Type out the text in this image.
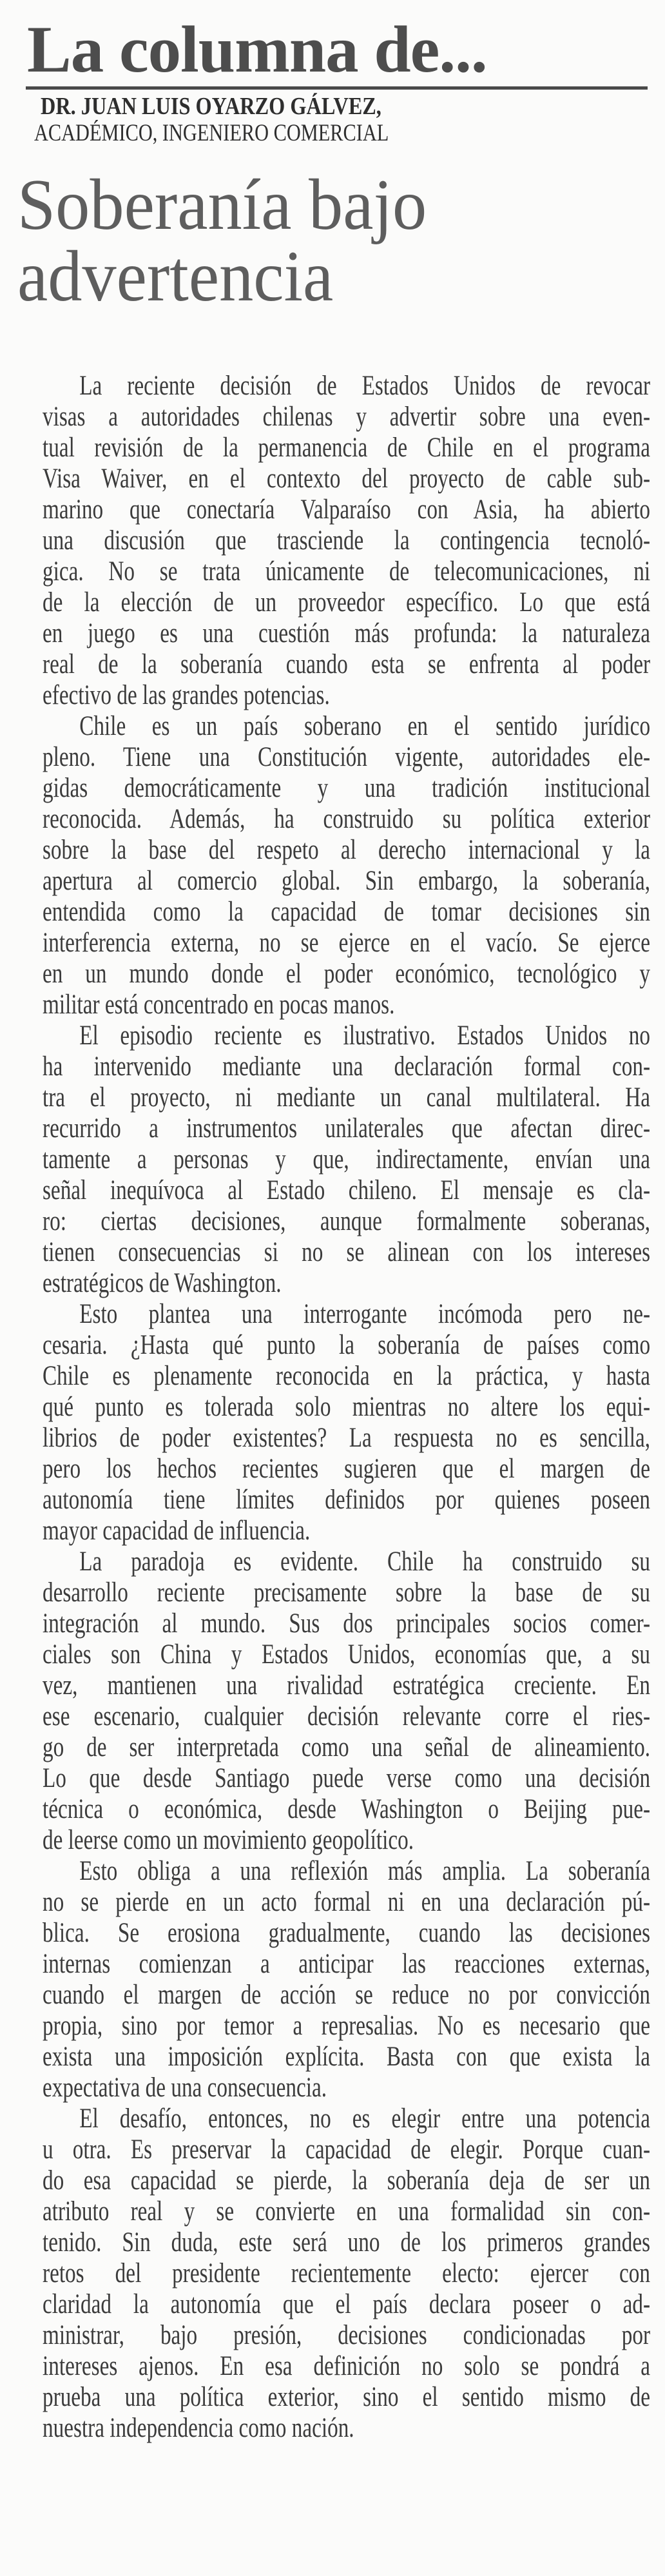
La columna de...
DR. JUAN LUIS OYARZO GÁLVEZ,
ACADÉMICO, INGENIERO COMERCIAL
Soberanía bajo
advertencia
La reciente decisión de Estados Unidos de revocar
visas a autoridades chilenas y advertir sobre una even-
tual revisión de la permanencia de Chile en el programa
Visa Waiver, en el contexto del proyecto de cable sub-
marino que conectaría Valparaíso con Asia, ha abierto
una discusión que trasciende la contingencia tecnoló-
gica. No se trata únicamente de telecomunicaciones, ni
de la elección de un proveedor específico. Lo que está
en juego es una cuestión más profunda: la naturaleza
real de la soberanía cuando esta se enfrenta al poder
efectivo de las grandes potencias.
Chile es un país soberano en el sentido jurídico
pleno. Tiene una Constitución vigente, autoridades ele-
gidas democráticamente y una tradición institucional
reconocida. Además, ha construido su política exterior
sobre la base del respeto al derecho internacional y la
apertura al comercio global. Sin embargo, la soberanía,
entendida como la capacidad de tomar decisiones sin
interferencia externa, no se ejerce en el vacío. Se ejerce
en un mundo donde el poder económico, tecnológico y
militar está concentrado en pocas manos.
El episodio reciente es ilustrativo. Estados Unidos no
ha intervenido mediante una declaración formal con-
tra el proyecto, ni mediante un canal multilateral. Ha
recurrido a instrumentos unilaterales que afectan direc-
tamente a personas y que, indirectamente, envían una
señal inequívoca al Estado chileno. El mensaje es cla-
ro: ciertas decisiones, aunque formalmente soberanas,
tienen consecuencias si no se alinean con los intereses
estratégicos de Washington.
Esto plantea una interrogante incómoda pero ne-
cesaria. ¿Hasta qué punto la soberanía de países como
Chile es plenamente reconocida en la práctica, y hasta
qué punto es tolerada solo mientras no altere los equi-
librios de poder existentes? La respuesta no es sencilla,
pero los hechos recientes sugieren que el margen de
autonomía tiene límites definidos por quienes poseen
mayor capacidad de influencia.
La paradoja es evidente. Chile ha construido su
desarrollo reciente precisamente sobre la base de su
integración al mundo. Sus dos principales socios comer-
ciales son China y Estados Unidos, economías que, a su
vez, mantienen una rivalidad estratégica creciente. En
ese escenario, cualquier decisión relevante corre el ries-
go de ser interpretada como una señal de alineamiento.
Lo que desde Santiago puede verse como una decisión
técnica o económica, desde Washington o Beijing pue-
de leerse como un movimiento geopolítico.
Esto obliga a una reflexión más amplia. La soberanía
no se pierde en un acto formal ni en una declaración pú-
blica. Se erosiona gradualmente, cuando las decisiones
internas comienzan a anticipar las reacciones externas,
cuando el margen de acción se reduce no por convicción
propia, sino por temor a represalias. No es necesario que
exista una imposición explícita. Basta con que exista la
expectativa de una consecuencia.
El desafío, entonces, no es elegir entre una potencia
u otra. Es preservar la capacidad de elegir. Porque cuan-
do esa capacidad se pierde, la soberanía deja de ser un
atributo real y se convierte en una formalidad sin con-
tenido. Sin duda, este será uno de los primeros grandes
retos del presidente recientemente electo: ejercer con
claridad la autonomía que el país declara poseer o ad-
ministrar, bajo presión, decisiones condicionadas por
intereses ajenos. En esa definición no solo se pondrá a
prueba una política exterior, sino el sentido mismo de
nuestra independencia como nación.
